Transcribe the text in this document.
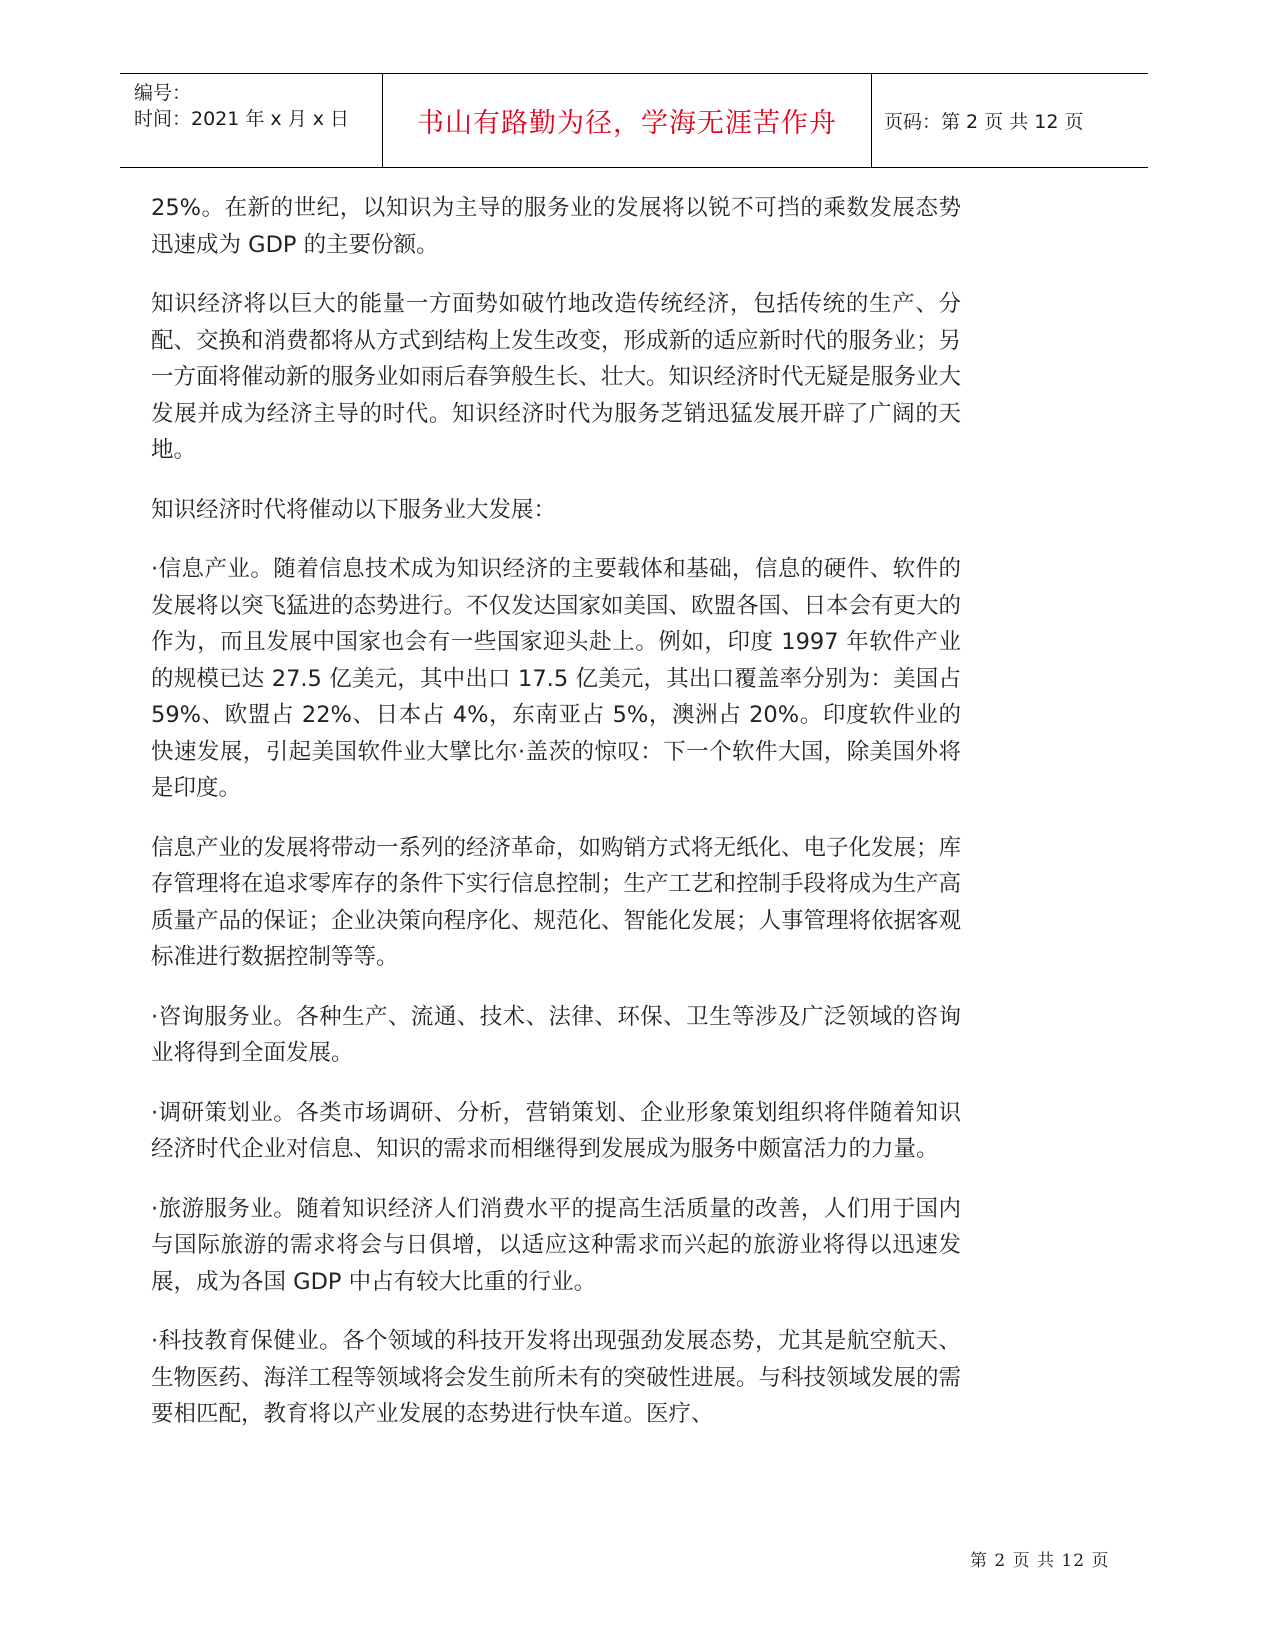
编号：
时间：2021 年 x 月 x 日	书山有路勤为径，学海无涯苦作舟	页码：第 2 页 共 12 页

25%。在新的世纪，以知识为主导的服务业的发展将以锐不可挡的乘数发展态势迅速成为 GDP 的主要份额。

知识经济将以巨大的能量一方面势如破竹地改造传统经济，包括传统的生产、分配、交换和消费都将从方式到结构上发生改变，形成新的适应新时代的服务业；另一方面将催动新的服务业如雨后春笋般生长、壮大。知识经济时代无疑是服务业大发展并成为经济主导的时代。知识经济时代为服务芝销迅猛发展开辟了广阔的天地。

知识经济时代将催动以下服务业大发展：

·信息产业。随着信息技术成为知识经济的主要载体和基础，信息的硬件、软件的发展将以突飞猛进的态势进行。不仅发达国家如美国、欧盟各国、日本会有更大的作为，而且发展中国家也会有一些国家迎头赴上。例如，印度 1997 年软件产业的规模已达 27.5 亿美元，其中出口 17.5 亿美元，其出口覆盖率分别为：美国占 59%、欧盟占 22%、日本占 4%，东南亚占 5%，澳洲占 20%。印度软件业的快速发展，引起美国软件业大擘比尔·盖茨的惊叹：下一个软件大国，除美国外将是印度。

信息产业的发展将带动一系列的经济革命，如购销方式将无纸化、电子化发展；库存管理将在追求零库存的条件下实行信息控制；生产工艺和控制手段将成为生产高质量产品的保证；企业决策向程序化、规范化、智能化发展；人事管理将依据客观标准进行数据控制等等。

·咨询服务业。各种生产、流通、技术、法律、环保、卫生等涉及广泛领域的咨询业将得到全面发展。

·调研策划业。各类市场调研、分析，营销策划、企业形象策划组织将伴随着知识经济时代企业对信息、知识的需求而相继得到发展成为服务中颇富活力的力量。

·旅游服务业。随着知识经济人们消费水平的提高生活质量的改善，人们用于国内与国际旅游的需求将会与日俱增，以适应这种需求而兴起的旅游业将得以迅速发展，成为各国 GDP 中占有较大比重的行业。

·科技教育保健业。各个领域的科技开发将出现强劲发展态势，尤其是航空航天、生物医药、海洋工程等领域将会发生前所未有的突破性进展。与科技领域发展的需要相匹配，教育将以产业发展的态势进行快车道。医疗、

第 2 页 共 12 页
